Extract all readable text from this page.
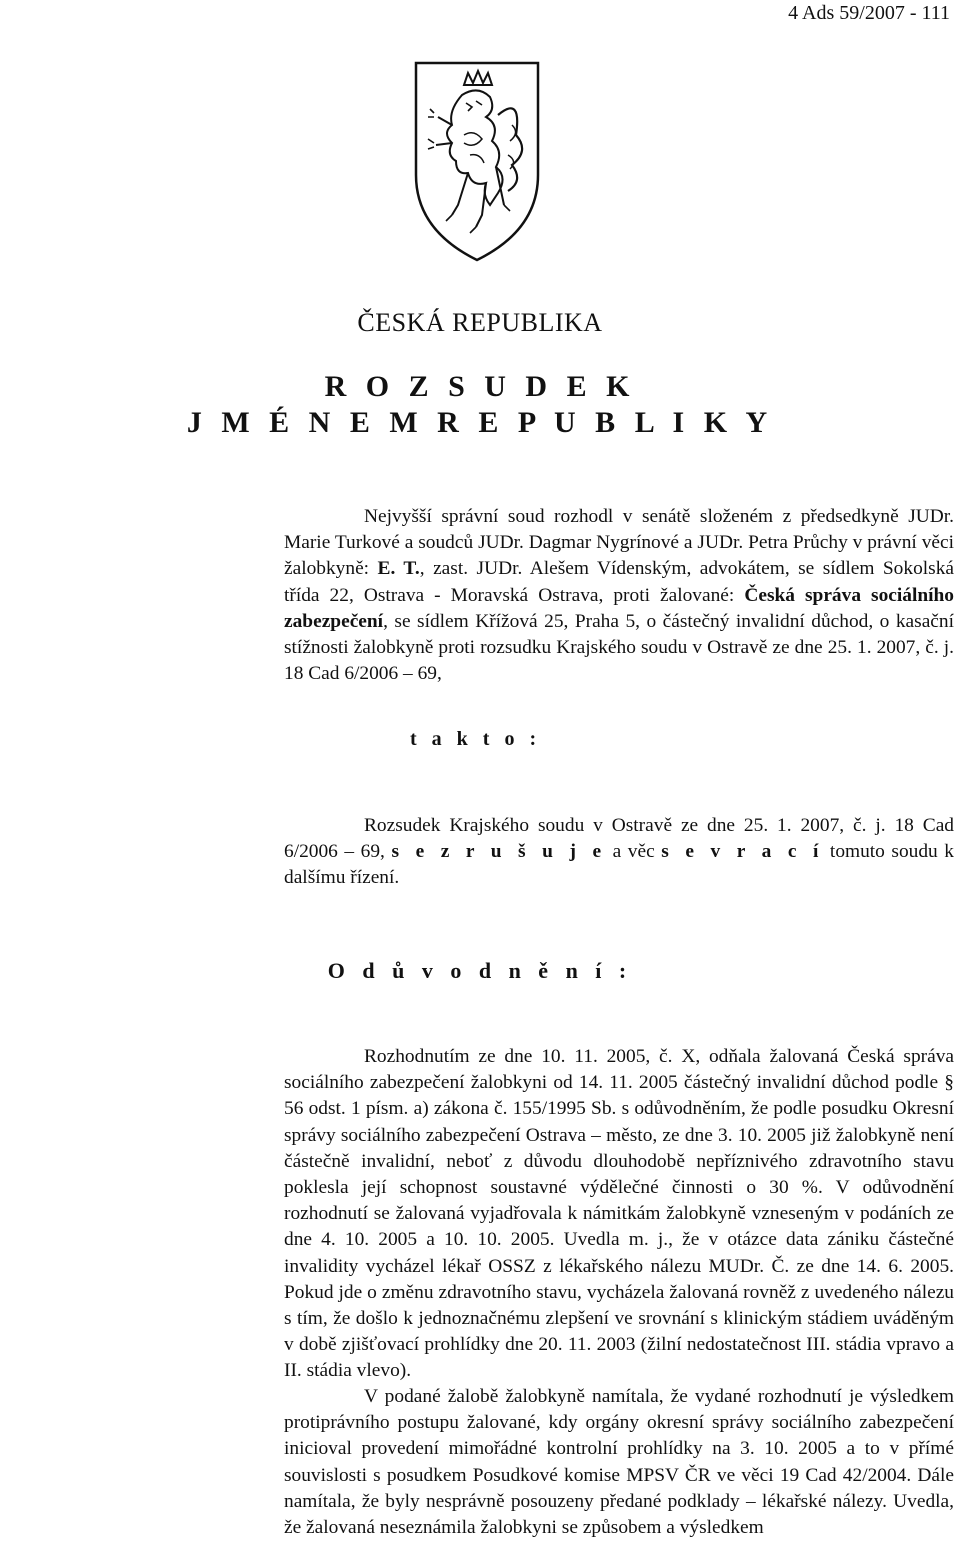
4 Ads 59/2007 - 111
ČESKÁ REPUBLIKA
R O Z S U D E K
J M É N E M R E P U B L I K Y
Nejvyšší správní soud rozhodl v senátě složeném z předsedkyně JUDr. Marie Turkové a soudců JUDr. Dagmar Nygrínové a JUDr. Petra Průchy v právní věci žalobkyně: E. T., zast. JUDr. Alešem Vídenským, advokátem, se sídlem Sokolská třída 22, Ostrava - Moravská Ostrava, proti žalované: Česká správa sociálního zabezpečení, se sídlem Křížová 25, Praha 5, o částečný invalidní důchod, o kasační stížnosti žalobkyně proti rozsudku Krajského soudu v Ostravě ze dne 25. 1. 2007, č. j. 18 Cad 6/2006 – 69,
t a k t o :
Rozsudek Krajského soudu v Ostravě ze dne 25. 1. 2007, č. j. 18 Cad 6/2006 – 69, s e z r u š u j e a věc s e v r a c í tomuto soudu k dalšímu řízení.
O d ů v o d n ě n í :
Rozhodnutím ze dne 10. 11. 2005, č. X, odňala žalovaná Česká správa sociálního zabezpečení žalobkyni od 14. 11. 2005 částečný invalidní důchod podle § 56 odst. 1 písm. a) zákona č. 155/1995 Sb. s odůvodněním, že podle posudku Okresní správy sociálního zabezpečení Ostrava – město, ze dne 3. 10. 2005 již žalobkyně není částečně invalidní, neboť z důvodu dlouhodobě nepříznivého zdravotního stavu poklesla její schopnost soustavné výdělečné činnosti o 30 %. V odůvodnění rozhodnutí se žalovaná vyjadřovala k námitkám žalobkyně vzneseným v podáních ze dne 4. 10. 2005 a 10. 10. 2005. Uvedla m. j., že v otázce data zániku částečné invalidity vycházel lékař OSSZ z lékařského nálezu MUDr. Č. ze dne 14. 6. 2005. Pokud jde o změnu zdravotního stavu, vycházela žalovaná rovněž z uvedeného nálezu s tím, že došlo k jednoznačnému zlepšení ve srovnání s klinickým stádiem uváděným v době zjišťovací prohlídky dne 20. 11. 2003 (žilní nedostatečnost III. stádia vpravo a II. stádia vlevo).
V podané žalobě žalobkyně namítala, že vydané rozhodnutí je výsledkem protiprávního postupu žalované, kdy orgány okresní správy sociálního zabezpečení inicioval provedení mimořádné kontrolní prohlídky na 3. 10. 2005 a to v přímé souvislosti s posudkem Posudkové komise MPSV ČR ve věci 19 Cad 42/2004. Dále namítala, že byly nesprávně posouzeny předané podklady – lékařské nálezy. Uvedla, že žalovaná neseznámila žalobkyni se způsobem a výsledkem
